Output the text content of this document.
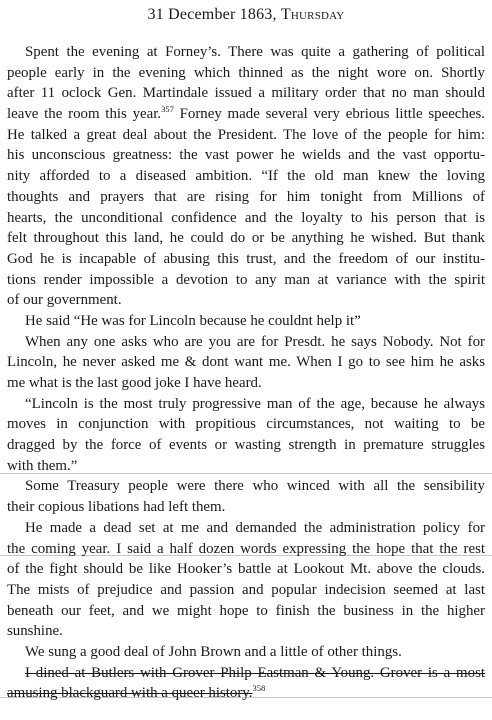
31 December 1863, Thursday
Spent the evening at Forney’s. There was quite a gathering of political
people early in the evening which thinned as the night wore on. Shortly
after 11 oclock Gen. Martindale issued a military order that no man should
leave the room this year.$^{357}$ Forney made several very ebrious little speeches.
He talked a great deal about the President. The love of the people for him:
his unconscious greatness: the vast power he wields and the vast opportu-
nity afforded to a diseased ambition. “If the old man knew the loving
thoughts and prayers that are rising for him tonight from Millions of
hearts, the unconditional confidence and the loyalty to his person that is
felt throughout this land, he could do or be anything he wished. But thank
God he is incapable of abusing this trust, and the freedom of our institu-
tions render impossible a devotion to any man at variance with the spirit
of our government.
He said “He was for Lincoln because he couldnt help it”
When any one asks who are you are for Presdt. he says Nobody. Not for
Lincoln, he never asked me & dont want me. When I go to see him he asks
me what is the last good joke I have heard.
“Lincoln is the most truly progressive man of the age, because he always
moves in conjunction with propitious circumstances, not waiting to be
dragged by the force of events or wasting strength in premature struggles
with them.”
Some Treasury people were there who winced with all the sensibility
their copious libations had left them.
He made a dead set at me and demanded the administration policy for
the coming year. I said a half dozen words expressing the hope that the rest
of the fight should be like Hooker’s battle at Lookout Mt. above the clouds.
The mists of prejudice and passion and popular indecision seemed at last
beneath our feet, and we might hope to finish the business in the higher
sunshine.
We sung a good deal of John Brown and a little of other things.
I dined at Butlers with Grover Philp Eastman & Young. Grover is a most
amusing blackguard with a queer history.$^{358}$
